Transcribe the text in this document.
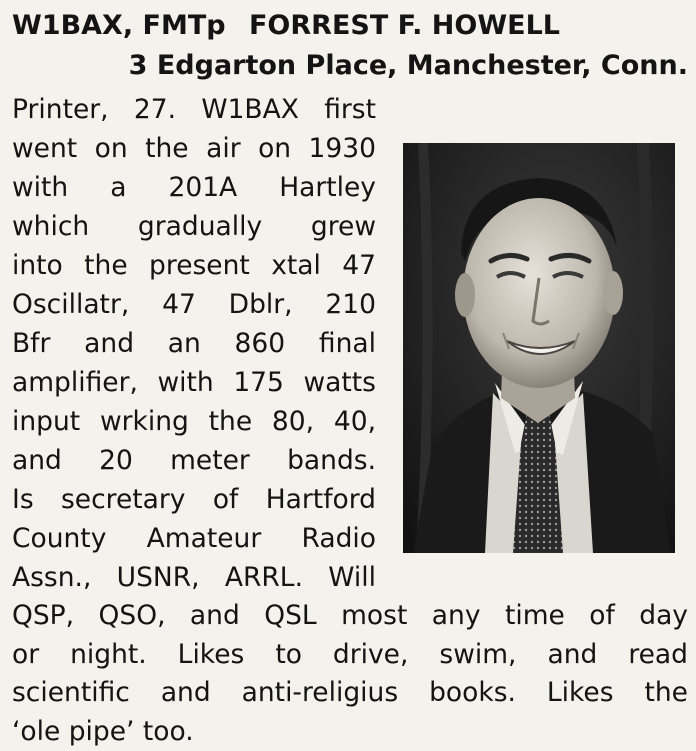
W1BAX, FMTp FORREST F. HOWELL
3 Edgarton Place, Manchester, Conn.
Printer, 27. W1BAX first
went on the air on 1930
with a 201A Hartley
which gradually grew
into the present xtal 47
Oscillatr, 47 Dblr, 210
Bfr and an 860 final
amplifier, with 175 watts
input wrking the 80, 40,
and 20 meter bands.
Is secretary of Hartford
County Amateur Radio
Assn., USNR, ARRL. Will
QSP, QSO, and QSL most any time of day
or night. Likes to drive, swim, and read
scientific and anti-religius books. Likes the
‘ole pipe’ too.
